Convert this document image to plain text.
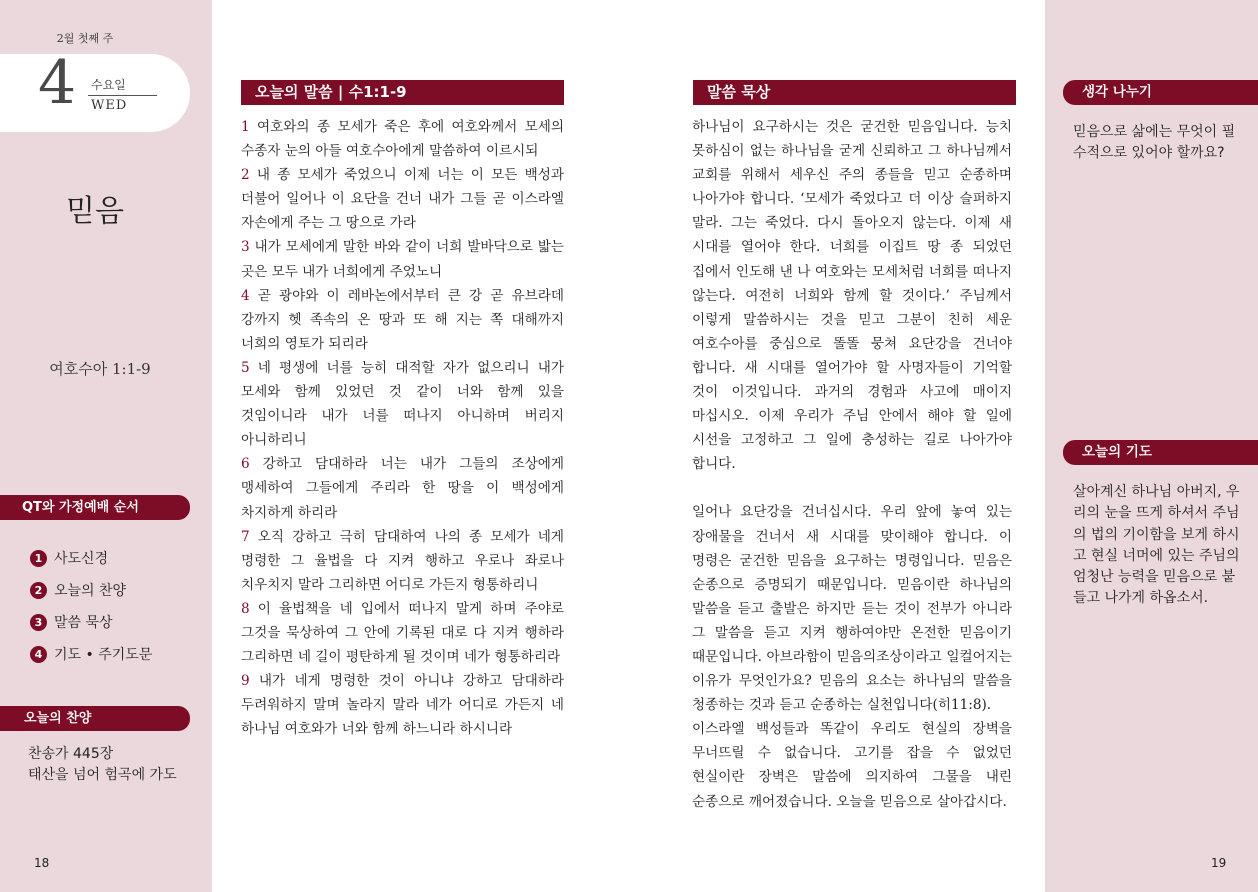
2월 첫째 주
4 수요일
WED
믿음
여호수아 1:1-9
QT와 가정예배 순서
1 사도신경
2 오늘의 찬양
3 말씀 묵상
4 기도 • 주기도문
오늘의 찬양
찬송가 445장
태산을 넘어 험곡에 가도
18
오늘의 말씀 | 수1:1-9
1 여호와의 종 모세가 죽은 후에 여호와께서 모세의 수종자 눈의 아들 여호수아에게 말씀하여 이르시되
2 내 종 모세가 죽었으니 이제 너는 이 모든 백성과 더불어 일어나 이 요단을 건너 내가 그들 곧 이스라엘 자손에게 주는 그 땅으로 가라
3 내가 모세에게 말한 바와 같이 너희 발바닥으로 밟는 곳은 모두 내가 너희에게 주었노니
4 곧 광야와 이 레바논에서부터 큰 강 곧 유브라데 강까지 헷 족속의 온 땅과 또 해 지는 쪽 대해까지 너희의 영토가 되리라
5 네 평생에 너를 능히 대적할 자가 없으리니 내가 모세와 함께 있었던 것 같이 너와 함께 있을 것임이니라 내가 너를 떠나지 아니하며 버리지 아니하리니
6 강하고 담대하라 너는 내가 그들의 조상에게 맹세하여 그들에게 주리라 한 땅을 이 백성에게 차지하게 하리라
7 오직 강하고 극히 담대하여 나의 종 모세가 네게 명령한 그 율법을 다 지켜 행하고 우로나 좌로나 치우치지 말라 그리하면 어디로 가든지 형통하리니
8 이 율법책을 네 입에서 떠나지 말게 하며 주야로 그것을 묵상하여 그 안에 기록된 대로 다 지켜 행하라 그리하면 네 길이 평탄하게 될 것이며 네가 형통하리라
9 내가 네게 명령한 것이 아니냐 강하고 담대하라 두려워하지 말며 놀라지 말라 네가 어디로 가든지 네 하나님 여호와가 너와 함께 하느니라 하시니라
말씀 묵상
하나님이 요구하시는 것은 굳건한 믿음입니다. 능치 못하심이 없는 하나님을 굳게 신뢰하고 그 하나님께서 교회를 위해서 세우신 주의 종들을 믿고 순종하며 나아가야 합니다. ‘모세가 죽었다고 더 이상 슬퍼하지 말라. 그는 죽었다. 다시 돌아오지 않는다. 이제 새 시대를 열어야 한다. 너희를 이집트 땅 종 되었던 집에서 인도해 낸 나 여호와는 모세처럼 너희를 떠나지 않는다. 여전히 너희와 함께 할 것이다.’ 주님께서 이렇게 말씀하시는 것을 믿고 그분이 친히 세운 여호수아를 중심으로 똘똘 뭉쳐 요단강을 건너야 합니다. 새 시대를 열어가야 할 사명자들이 기억할 것이 이것입니다. 과거의 경험과 사고에 매이지 마십시오. 이제 우리가 주님 안에서 해야 할 일에 시선을 고정하고 그 일에 충성하는 길로 나아가야 합니다.
일어나 요단강을 건너십시다. 우리 앞에 놓여 있는 장애물을 건너서 새 시대를 맞이해야 합니다. 이 명령은 굳건한 믿음을 요구하는 명령입니다. 믿음은 순종으로 증명되기 때문입니다. 믿음이란 하나님의 말씀을 듣고 출발은 하지만 듣는 것이 전부가 아니라 그 말씀을 듣고 지켜 행하여야만 온전한 믿음이기 때문입니다. 아브라함이 믿음의조상이라고 일컬어지는 이유가 무엇인가요? 믿음의 요소는 하나님의 말씀을 청종하는 것과 듣고 순종하는 실천입니다(히11:8).
이스라엘 백성들과 똑같이 우리도 현실의 장벽을 무너뜨릴 수 없습니다. 고기를 잡을 수 없었던 현실이란 장벽은 말씀에 의지하여 그물을 내린 순종으로 깨어졌습니다. 오늘을 믿음으로 살아갑시다.
생각 나누기
믿음으로 삶에는 무엇이 필수적으로 있어야 할까요?
오늘의 기도
살아계신 하나님 아버지, 우리의 눈을 뜨게 하셔서 주님의 법의 기이함을 보게 하시고 현실 너머에 있는 주님의 엄청난 능력을 믿음으로 붙들고 나가게 하옵소서.
19
